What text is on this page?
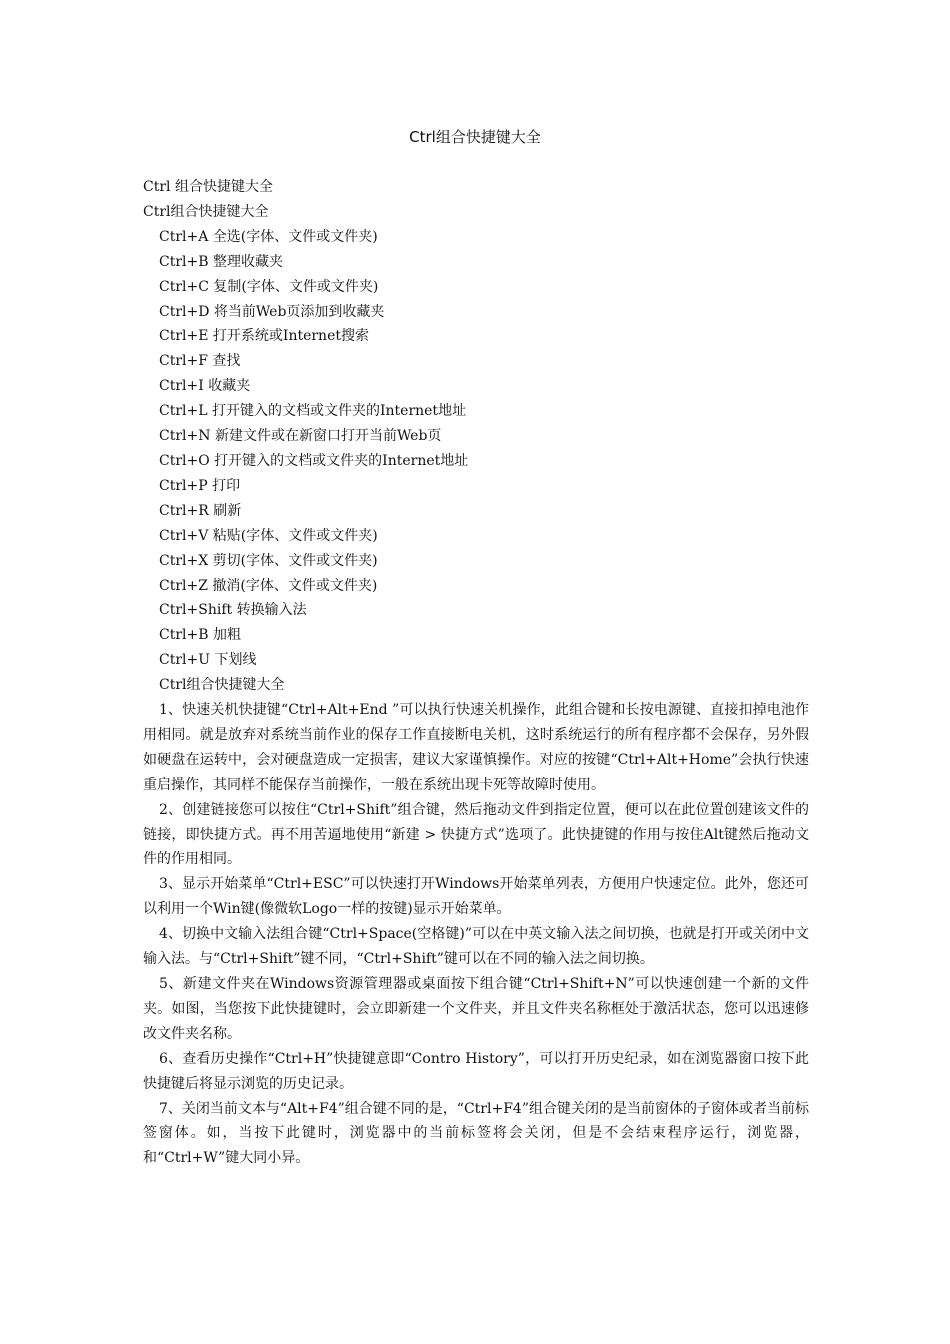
Ctrl组合快捷键大全

Ctrl 组合快捷键大全

Ctrl组合快捷键大全

Ctrl+A 全选(字体、文件或文件夹)

Ctrl+B 整理收藏夹

Ctrl+C 复制(字体、文件或文件夹)

Ctrl+D 将当前Web页添加到收藏夹

Ctrl+E 打开系统或Internet搜索

Ctrl+F 查找

Ctrl+I 收藏夹

Ctrl+L 打开键入的文档或文件夹的Internet地址

Ctrl+N 新建文件或在新窗口打开当前Web页

Ctrl+O 打开键入的文档或文件夹的Internet地址

Ctrl+P 打印

Ctrl+R 刷新

Ctrl+V 粘贴(字体、文件或文件夹)

Ctrl+X 剪切(字体、文件或文件夹)

Ctrl+Z 撤消(字体、文件或文件夹)

Ctrl+Shift 转换输入法

Ctrl+B 加粗

Ctrl+U 下划线

Ctrl组合快捷键大全

1、快速关机快捷键“Ctrl+Alt+End ”可以执行快速关机操作，此组合键和长按电源键、直接扣掉电池作用相同。就是放弃对系统当前作业的保存工作直接断电关机，这时系统运行的所有程序都不会保存，另外假如硬盘在运转中，会对硬盘造成一定损害，建议大家谨慎操作。对应的按键“Ctrl+Alt+Home”会执行快速重启操作，其同样不能保存当前操作，一般在系统出现卡死等故障时使用。

2、创建链接您可以按住“Ctrl+Shift”组合键，然后拖动文件到指定位置，便可以在此位置创建该文件的链接，即快捷方式。再不用苦逼地使用“新建 > 快捷方式”选项了。此快捷键的作用与按住Alt键然后拖动文件的作用相同。

3、显示开始菜单“Ctrl+ESC”可以快速打开Windows开始菜单列表，方便用户快速定位。此外，您还可以利用一个Win键(像微软Logo一样的按键)显示开始菜单。

4、切换中文输入法组合键“Ctrl+Space(空格键)”可以在中英文输入法之间切换，也就是打开或关闭中文输入法。与“Ctrl+Shift”键不同，“Ctrl+Shift”键可以在不同的输入法之间切换。

5、新建文件夹在Windows资源管理器或桌面按下组合键“Ctrl+Shift+N”可以快速创建一个新的文件夹。如图，当您按下此快捷键时，会立即新建一个文件夹，并且文件夹名称框处于激活状态，您可以迅速修改文件夹名称。

6、查看历史操作“Ctrl+H”快捷键意即“Contro History”，可以打开历史纪录，如在浏览器窗口按下此快捷键后将显示浏览的历史记录。

7、关闭当前文本与“Alt+F4”组合键不同的是，“Ctrl+F4”组合键关闭的是当前窗体的子窗体或者当前标签窗体。如，当按下此键时，浏览器中的当前标签将会关闭，但是不会结束程序运行，浏览器，和“Ctrl+W”键大同小异。
